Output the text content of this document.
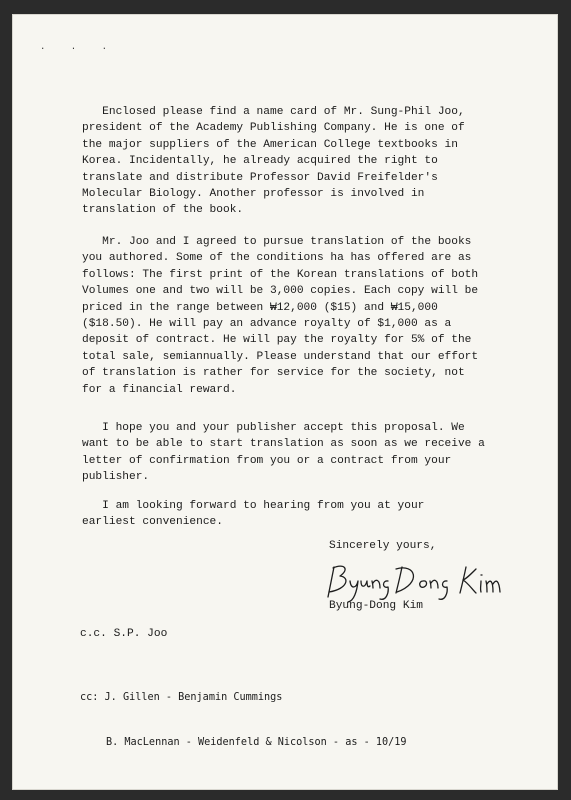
· · ·
Enclosed please find a name card of Mr. Sung-Phil Joo,
president of the Academy Publishing Company. He is one of
the major suppliers of the American College textbooks in
Korea. Incidentally, he already acquired the right to
translate and distribute Professor David Freifelder's
Molecular Biology. Another professor is involved in
translation of the book.
Mr. Joo and I agreed to pursue translation of the books
you authored. Some of the conditions ha has offered are as
follows: The first print of the Korean translations of both
Volumes one and two will be 3,000 copies. Each copy will be
priced in the range between ₩12,000 ($15) and ₩15,000
($18.50). He will pay an advance royalty of $1,000 as a
deposit of contract. He will pay the royalty for 5% of the
total sale, semiannually. Please understand that our effort
of translation is rather for service for the society, not
for a financial reward.
I hope you and your publisher accept this proposal. We
want to be able to start translation as soon as we receive a
letter of confirmation from you or a contract from your
publisher.
I am looking forward to hearing from you at your
earliest convenience.
Sincerely yours,
Byung-Dong Kim
c.c. S.P. Joo

cc: J. Gillen - Benjamin Cummings

B. MacLennan - Weidenfeld & Nicolson - as - 10/19
